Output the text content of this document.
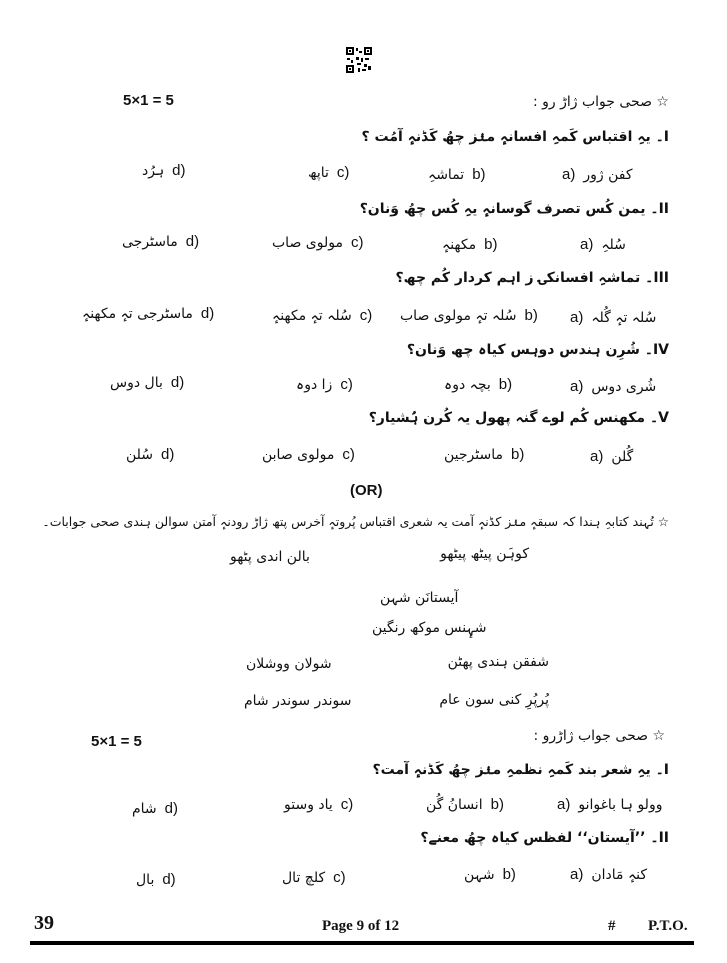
5×1 = 5	☆ صحی جواب ژاڑ رو :
I۔ یہِ اقتباس کَمہِ افسانہٕ منٛز چھُ کَڈنہٕ آمُت ؟
a) کفن ژور
تماشہِ b)
تاپھ c)
ہرُد d)
II۔ یمن کُس تصرف گوسانہٕ یہِ کُس چھُ وَنان؟
a) سُلہِ
مکھنہٕ b)
مولوی صاب c)
ماسٹرجی d)
III۔ تماشہِ افسانکۍ ز اہم کردار کُم چھ؟
a) سُلہ تہٕ گُلہ
سُلہ تہٕ مولوی صاب b)
سُلہ تہٕ مکھنہٕ c)
ماسٹرجی تہٕ مکھنہٕ d)
IV۔ شُرِن ہندس دوہس کیاہ چھ وَنان؟
a) شُری دوس
بچہ دوہ b)
زا دوہ c)
بال دوس d)
V۔ مکھنس کُم لوے گنہ پھول یہ کُرن ہُشیار؟
a) گُلن
ماسٹرجین b)
مولوی صابن c)
سُلن d)
(OR)
☆ تُہند کتابہِ ہندا کہ سبقہٕ منٛز کڈنہٕ آمت یہ شعری اقتباس پُروتہٕ آخرس پتھ ژاڑ رودنہٕ آمتن سوالن ہندی صحی جوابات۔
کوہَن پیٹھ پیٹھو
بالن اندی پٹھو
آیستانَن شہن
شہٕنس موکھ رنگین
شفقن ہندی پھٹن
شولان ووشلان
پُرپُرِ کنی سون عام
سوندر سوندر شام
5×1 = 5	☆ صحی جواب ژاڑرو :
I۔ یہِ شعر بند کَمہِ نظمہِ منٛز چھُ کَڈنہٕ آمت؟
a) وولو ہا باغوانو
انسانُ گُن b)
یاد وستو c)
شام d)
II۔ ’’آیستان‘‘ لفظس کیاہ چھُ معنے؟
a) کنہٕ مَادان
شہن b)
کلچ تال c)
بال d)
39	Page 9 of 12	# P.T.O.
